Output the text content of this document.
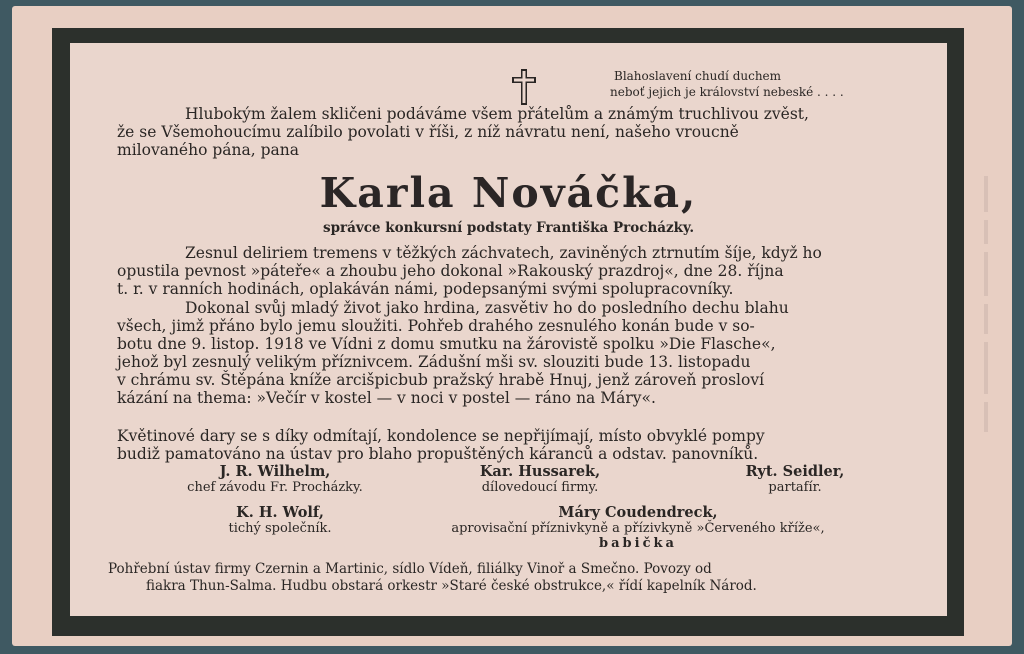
Blahoslavení chudí duchem
neboť jejich je království nebeské . . . .
Hlubokým žalem skličeni podáváme všem přátelům a známým truchlivou zvěst,
že se Všemohoucímu zalíbilo povolati v říši, z níž návratu není, našeho vroucně
milovaného pána, pana
Karla Nováčka,
správce konkursní podstaty Františka Procházky.
Zesnul deliriem tremens v těžkých záchvatech, zaviněných ztrnutím šíje, když ho
opustila pevnost »páteře« a zhoubu jeho dokonal »Rakouský prazdroj«, dne 28. října
t. r. v ranních hodinách, oplakáván námi, podepsanými svými spolupracovníky.
Dokonal svůj mladý život jako hrdina, zasvětiv ho do posledního dechu blahu
všech, jimž přáno bylo jemu sloužiti. Pohřeb drahého zesnulého konán bude v so-
botu dne 9. listop. 1918 ve Vídni z domu smutku na žárovistě spolku »Die Flasche«,
jehož byl zesnulý velikým příznivcem. Zádušní mši sv. slouziti bude 13. listopadu
v chrámu sv. Štěpána kníže arcišpicbub pražský hrabě Hnuj, jenž zároveň prosloví
kázání na thema: »Večír v kostel — v noci v postel — ráno na Máry«.
Květinové dary se s díky odmítají, kondolence se nepřijímají, místo obvyklé pompy
budiž pamatováno na ústav pro blaho propuštěných káranců a odstav. panovníků.
J. R. Wilhelm,
chef závodu Fr. Procházky.
Kar. Hussarek,
dílovedoucí firmy.
Ryt. Seidler,
partafír.
K. H. Wolf,
tichý společník.
Máry Coudendreck,
aprovisační příznivkyně a přízivkyně »Červeného kříže«,
babička
Pohřební ústav firmy Czernin a Martinic, sídlo Vídeň, filiálky Vinoř a Smečno. Povozy od
fiakra Thun-Salma. Hudbu obstará orkestr »Staré české obstrukce,« řídí kapelník Národ.
